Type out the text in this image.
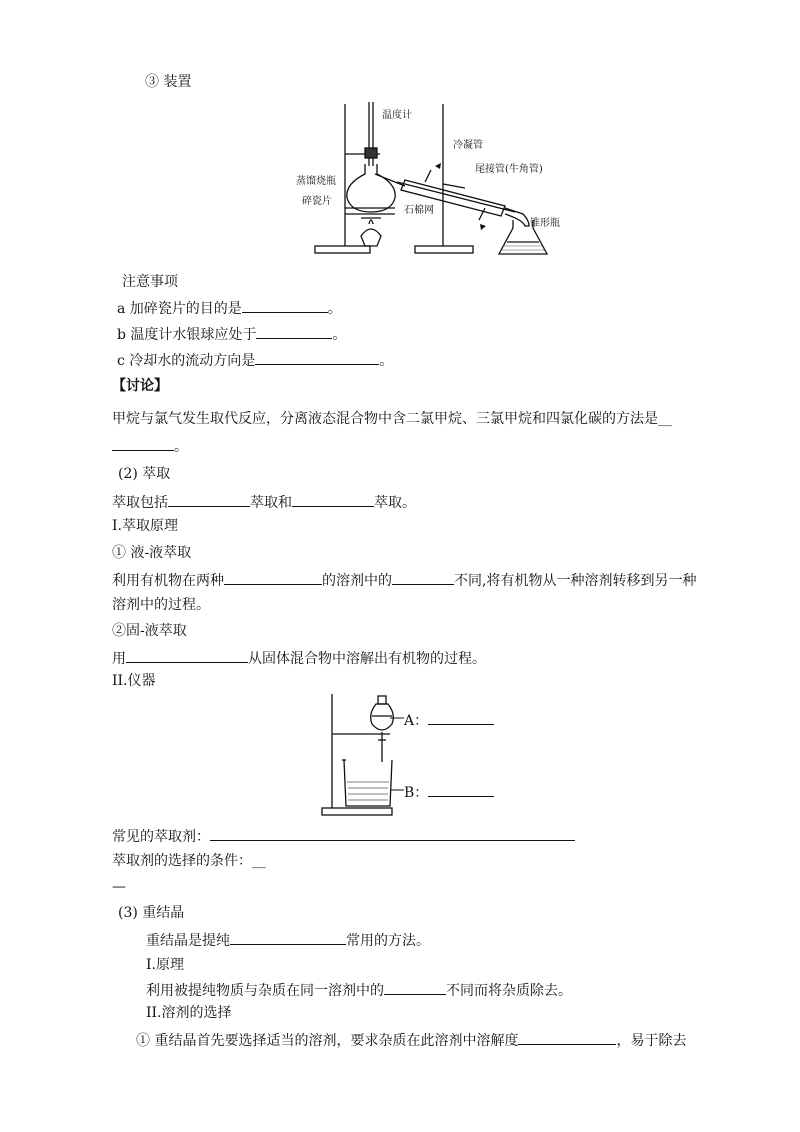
③ 装置
温度计
冷凝管
尾接管(牛角管)
蒸馏烧瓶
碎瓷片
石棉网
锥形瓶
注意事项
a 加碎瓷片的目的是	。
b 温度计水银球应处于	。
c 冷却水的流动方向是	。
【讨论】
甲烷与氯气发生取代反应，分离液态混合物中含二氯甲烷、三氯甲烷和四氯化碳的方法是__
。
(2) 萃取
萃取包括	萃取和	萃取。
I.萃取原理
① 液-液萃取
利用有机物在两种	的溶剂中的	不同,将有机物从一种溶剂转移到另一种
溶剂中的过程。
②固-液萃取
用	从固体混合物中溶解出有机物的过程。
II.仪器
A：
B：
常见的萃取剂：
萃取剂的选择的条件：__
—
(3) 重结晶
重结晶是提纯	常用的方法。
I.原理
利用被提纯物质与杂质在同一溶剂中的	不同而将杂质除去。
II.溶剂的选择
① 重结晶首先要选择适当的溶剂，要求杂质在此溶剂中溶解度	，易于除去
